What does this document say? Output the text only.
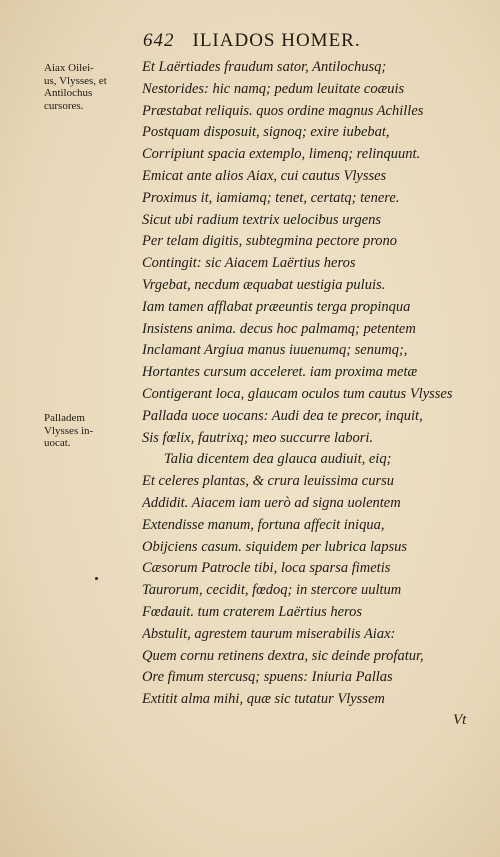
642 ILIADOS HOMER.
Aiax Oilei-
us, Vlysses, et
Antilochus
cursores.
Palladem
Vlysses in-
uocat.
Et Laërtiades fraudum sator, Antilochusq;
Nestorides: hic namq; pedum leuitate coæuis
Præstabat reliquis. quos ordine magnus Achilles
Postquam disposuit, signoq; exire iubebat,
Corripiunt spacia extemplo, limenq; relinquunt.
Emicat ante alios Aiax, cui cautus Vlysses
Proximus it, iamiamq; tenet, certatq; tenere.
Sicut ubi radium textrix uelocibus urgens
Per telam digitis, subtegmina pectore prono
Contingit: sic Aiacem Laërtius heros
Vrgebat, necdum æquabat uestigia puluis.
Iam tamen afflabat præeuntis terga propinqua
Insistens anima. decus hoc palmamq; petentem
Inclamant Argiua manus iuuenumq; senumq;,
Hortantes cursum acceleret. iam proxima metæ
Contigerant loca, glaucam oculos tum cautus Vlysses
Pallada uoce uocans: Audi dea te precor, inquit,
Sis fœlix, fautrixq; meo succurre labori.
Talia dicentem dea glauca audiuit, eiq;
Et celeres plantas, & crura leuissima cursu
Addidit. Aiacem iam uerò ad signa uolentem
Extendisse manum, fortuna affecit iniqua,
Obijciens casum. siquidem per lubrica lapsus
Cæsorum Patrocle tibi, loca sparsa fimetis
Taurorum, cecidit, fœdoq; in stercore uultum
Fœdauit. tum craterem Laërtius heros
Abstulit, agrestem taurum miserabilis Aiax:
Quem cornu retinens dextra, sic deinde profatur,
Ore fimum stercusq; spuens: Iniuria Pallas
Extitit alma mihi, quæ sic tutatur Vlyssem
Vt
